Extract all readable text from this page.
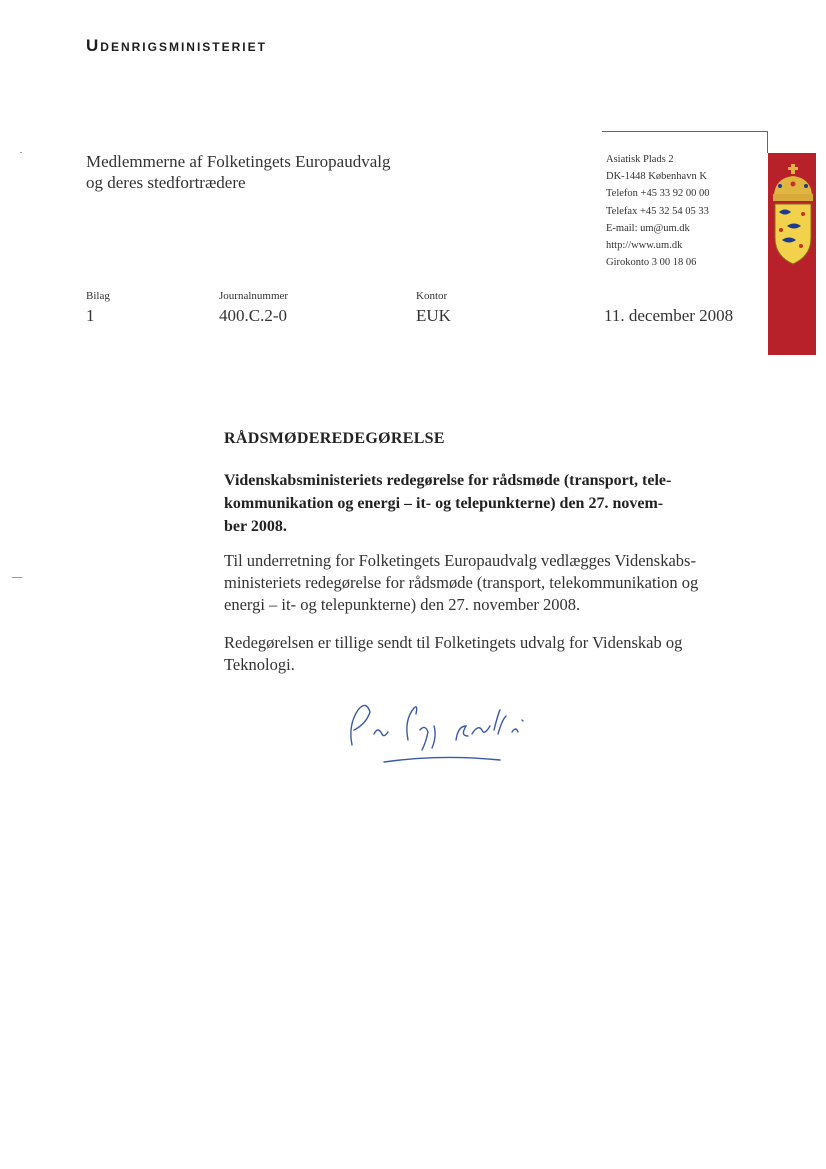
Udenrigsministeriet
Medlemmerne af Folketingets Europaudvalg
og deres stedfortrædere
Asiatisk Plads 2
DK-1448 København K
Telefon +45 33 92 00 00
Telefax +45 32 54 05 33
E-mail: um@um.dk
http://www.um.dk
Girokonto 3 00 18 06
Bilag
1
Journalnummer
400.C.2-0
Kontor
EUK	11. december 2008
RÅDSMØDEREDEGØRELSE
Videnskabsministeriets redegørelse for rådsmøde (transport, tele-
kommunikation og energi – it- og telepunkterne) den 27. novem-
ber 2008.
Til underretning for Folketingets Europaudvalg vedlægges Videnskabs-
ministeriets redegørelse for rådsmøde (transport, telekommunikation og
energi – it- og telepunkterne) den 27. november 2008.
Redegørelsen er tillige sendt til Folketingets udvalg for Videnskab og
Teknologi.
